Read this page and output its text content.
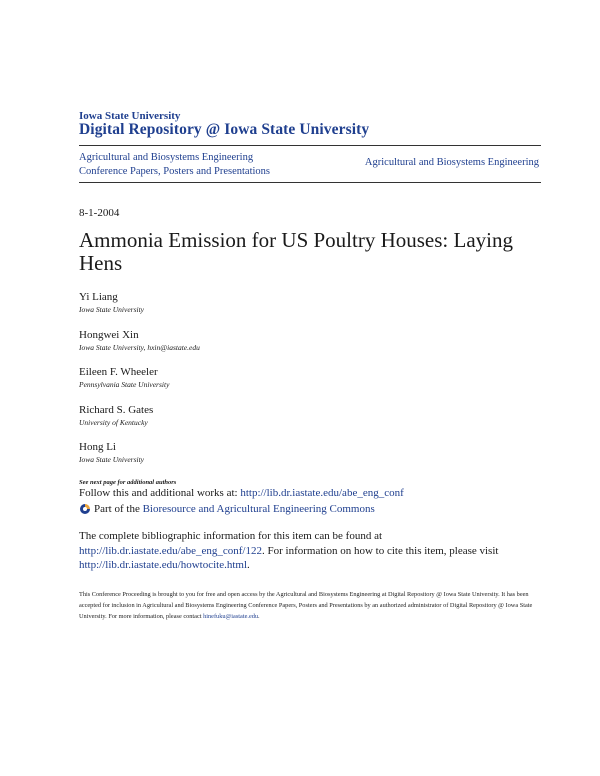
Iowa State University
Digital Repository @ Iowa State University
Agricultural and Biosystems Engineering
Conference Papers, Posters and Presentations
Agricultural and Biosystems Engineering
8-1-2004
Ammonia Emission for US Poultry Houses: Laying Hens
Yi Liang
Iowa State University
Hongwei Xin
Iowa State University, hxin@iastate.edu
Eileen F. Wheeler
Pennsylvania State University
Richard S. Gates
University of Kentucky
Hong Li
Iowa State University
See next page for additional authors
Follow this and additional works at: http://lib.dr.iastate.edu/abe_eng_conf
Part of the
Bioresource and Agricultural Engineering Commons
The complete bibliographic information for this item can be found at http://lib.dr.iastate.edu/abe_eng_conf/122. For information on how to cite this item, please visit http://lib.dr.iastate.edu/howtocite.html.
This Conference Proceeding is brought to you for free and open access by the Agricultural and Biosystems Engineering at Digital Repository @ Iowa State University. It has been accepted for inclusion in Agricultural and Biosystems Engineering Conference Papers, Posters and Presentations by an authorized administrator of Digital Repository @ Iowa State University. For more information, please contact hinefuku@iastate.edu.
